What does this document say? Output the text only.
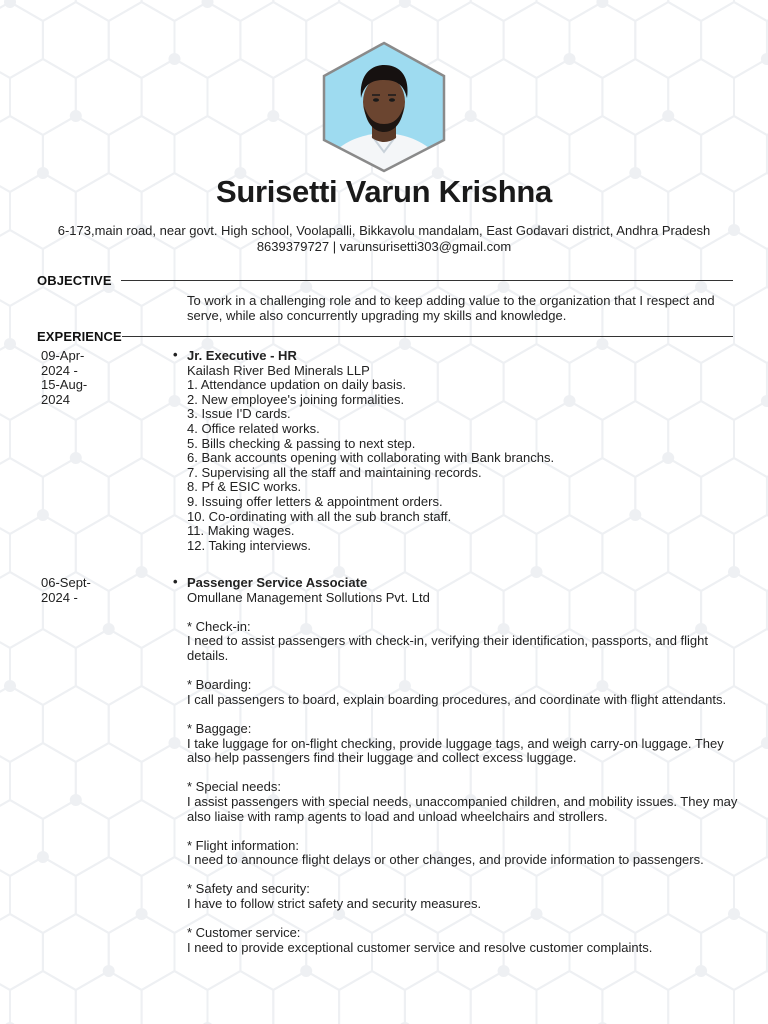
Surisetti Varun Krishna
6-173,main road, near govt. High school, Voolapalli, Bikkavolu mandalam, East Godavari district, Andhra Pradesh
8639379727 | varunsurisetti303@gmail.com
OBJECTIVE
To work in a challenging role and to keep adding value to the organization that I respect and serve, while also concurrently upgrading my skills and knowledge.
EXPERIENCE
09-Apr-
2024 -
15-Aug-
2024
• Jr. Executive - HR
Kailash River Bed Minerals LLP
1. Attendance updation on daily basis.
2. New employee's joining formalities.
3. Issue I'D cards.
4. Office related works.
5. Bills checking & passing to next step.
6. Bank accounts opening with collaborating with Bank branchs.
7. Supervising all the staff and maintaining records.
8. Pf & ESIC works.
9. Issuing offer letters & appointment orders.
10. Co-ordinating with all the sub branch staff.
11. Making wages.
12. Taking interviews.
06-Sept-
2024 -
• Passenger Service Associate
Omullane Management Sollutions Pvt. Ltd
* Check-in:
I need to assist passengers with check-in, verifying their identification, passports, and flight details.
* Boarding:
I call passengers to board, explain boarding procedures, and coordinate with flight attendants.
* Baggage:
I take luggage for on-flight checking, provide luggage tags, and weigh carry-on luggage. They also help passengers find their luggage and collect excess luggage.
* Special needs:
I assist passengers with special needs, unaccompanied children, and mobility issues. They may also liaise with ramp agents to load and unload wheelchairs and strollers.
* Flight information:
I need to announce flight delays or other changes, and provide information to passengers.
* Safety and security:
I have to follow strict safety and security measures.
* Customer service:
I need to provide exceptional customer service and resolve customer complaints.
